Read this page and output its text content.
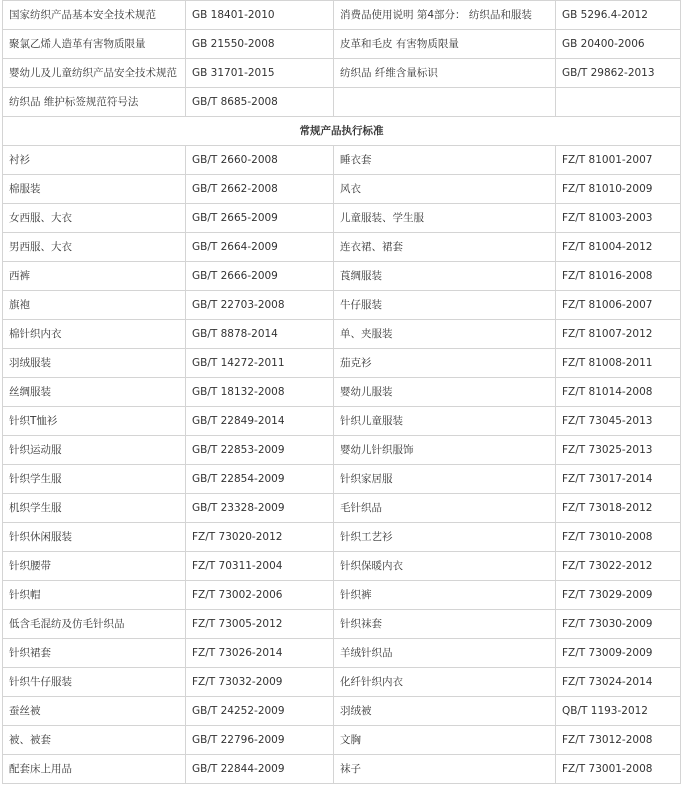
国家纺织产品基本安全技术规范	GB 18401-2010	消费品使用说明 第4部分： 纺织品和服装	GB 5296.4-2012
聚氯乙烯人造革有害物质限量	GB 21550-2008	皮革和毛皮 有害物质限量	GB 20400-2006
婴幼儿及儿童纺织产品安全技术规范	GB 31701-2015	纺织品 纤维含量标识	GB/T 29862-2013
纺织品 维护标签规范符号法	GB/T 8685-2008		
常规产品执行标准			
衬衫	GB/T 2660-2008	睡衣套	FZ/T 81001-2007
棉服装	GB/T 2662-2008	风衣	FZ/T 81010-2009
女西服、大衣	GB/T 2665-2009	儿童服装、学生服	FZ/T 81003-2003
男西服、大衣	GB/T 2664-2009	连衣裙、裙套	FZ/T 81004-2012
西裤	GB/T 2666-2009	莨绸服装	FZ/T 81016-2008
旗袍	GB/T 22703-2008	牛仔服装	FZ/T 81006-2007
棉针织内衣	GB/T 8878-2014	单、夹服装	FZ/T 81007-2012
羽绒服装	GB/T 14272-2011	茄克衫	FZ/T 81008-2011
丝绸服装	GB/T 18132-2008	婴幼儿服装	FZ/T 81014-2008
针织T恤衫	GB/T 22849-2014	针织儿童服装	FZ/T 73045-2013
针织运动服	GB/T 22853-2009	婴幼儿针织服饰	FZ/T 73025-2013
针织学生服	GB/T 22854-2009	针织家居服	FZ/T 73017-2014
机织学生服	GB/T 23328-2009	毛针织品	FZ/T 73018-2012
针织休闲服装	FZ/T 73020-2012	针织工艺衫	FZ/T 73010-2008
针织腰带	FZ/T 70311-2004	针织保暖内衣	FZ/T 73022-2012
针织帽	FZ/T 73002-2006	针织裤	FZ/T 73029-2009
低含毛混纺及仿毛针织品	FZ/T 73005-2012	针织袜套	FZ/T 73030-2009
针织裙套	FZ/T 73026-2014	羊绒针织品	FZ/T 73009-2009
针织牛仔服装	FZ/T 73032-2009	化纤针织内衣	FZ/T 73024-2014
蚕丝被	GB/T 24252-2009	羽绒被	QB/T 1193-2012
被、被套	GB/T 22796-2009	文胸	FZ/T 73012-2008
配套床上用品	GB/T 22844-2009	袜子	FZ/T 73001-2008
